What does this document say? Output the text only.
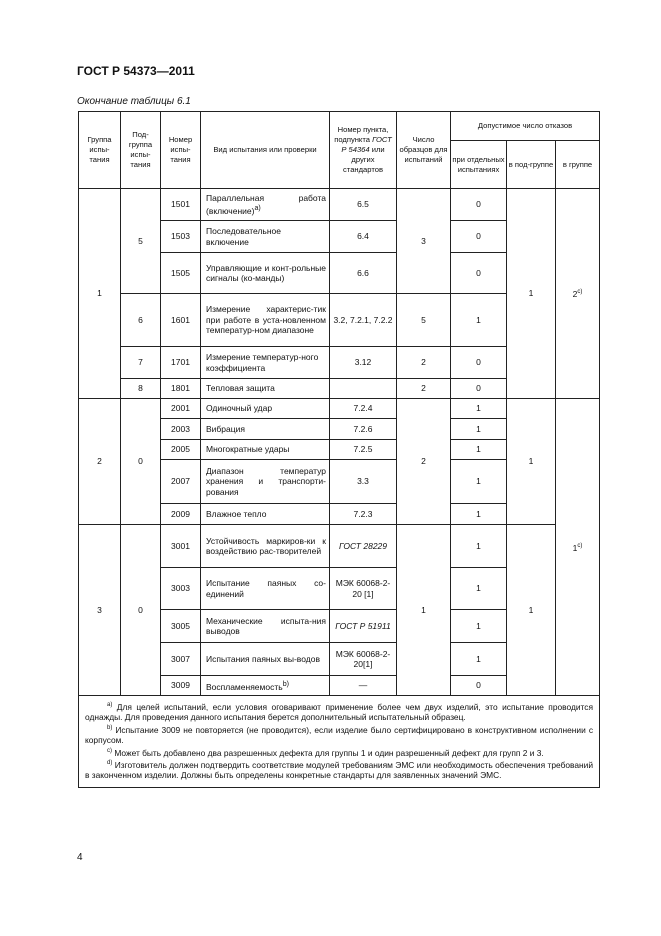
ГОСТ Р 54373—2011
Окончание таблицы 6.1
Группа испы-тания	Под-группа испы-тания	Номер испы-тания	Вид испытания или проверки	Номер пункта, подпункта ГОСТ Р 54364 или других стандартов	Число образцов для испытаний	Допустимое число отказов		
						при отдельных испытаниях	в под-группе	в группе
1	5	1501	Параллельная работа (включение)$^{a)}$	6.5	3	0	1	2$^{c)}$
		1503	Последовательное включение	6.4		0		
		1505	Управляющие и конт-рольные сигналы (ко-манды)	6.6		0		
	6	1601	Измерение характерис-тик при работе в уста-новленном температур-ном диапазоне	3.2, 7.2.1, 7.2.2	5	1		
	7	1701	Измерение температур-ного коэффициента	3.12	2	0		
	8	1801	Тепловая защита		2	0		
2	0	2001	Одиночный удар	7.2.4	2	1	1	1$^{c)}$
		2003	Вибрация	7.2.6		1		
		2005	Многократные удары	7.2.5		1		
		2007	Диапазон температур хранения и транспорти-рования	3.3		1		
		2009	Влажное тепло	7.2.3		1		
3	0	3001	Устойчивость маркиров-ки к воздействию рас-творителей	ГОСТ 28229	1	1	1	
		3003	Испытание паяных со-единений	МЭК 60068-2-20 [1]		1		
		3005	Механические испыта-ния выводов	ГОСТ Р 51911		1		
		3007	Испытания паяных вы-водов	МЭК 60068-2-20[1]		1		
		3009	Воспламеняемость$^{b)}$	—		0		

$^{a)}$ Для целей испытаний, если условия оговаривают применение более чем двух изделий, это испытание проводится однажды. Для проведения данного испытания берется дополнительный испытательный образец.
$^{b)}$ Испытание 3009 не повторяется (не проводится), если изделие было сертифицировано в конструктивном исполнении с корпусом.
$^{c)}$ Может быть добавлено два разрешенных дефекта для группы 1 и один разрешенный дефект для групп 2 и 3.
$^{d)}$ Изготовитель должен подтвердить соответствие модулей требованиям ЭМС или необходимость обеспечения требований в законченном изделии. Должны быть определены конкретные стандарты для заявленных значений ЭМС.								
4
